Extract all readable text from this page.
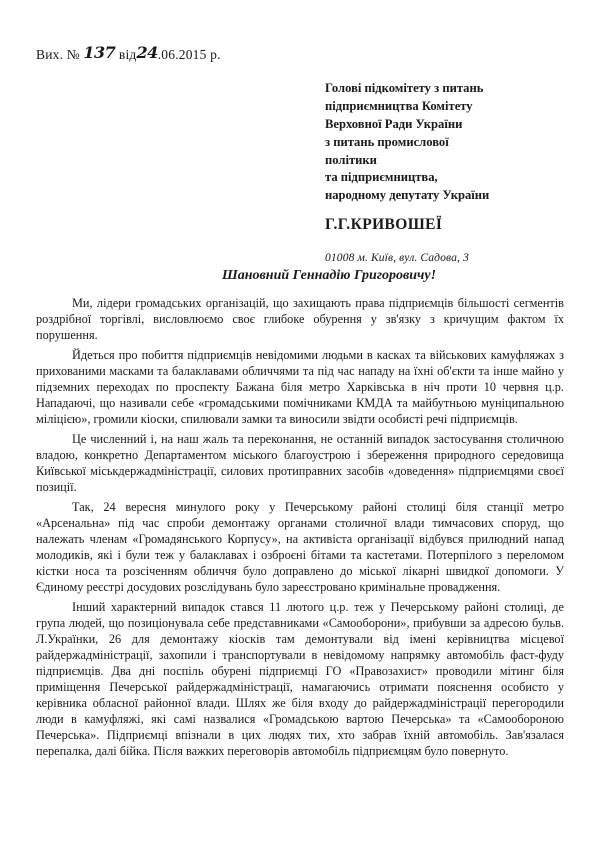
Вих. № 137 від24.06.2015 р.
Голові підкомітету з питань
підприємництва Комітету
Верховної Ради України
з питань промислової
політики
та підприємництва,
народному депутату України
Г.Г.КРИВОШЕЇ
01008 м. Київ, вул. Садова, 3
Шановний Геннадію Григоровичу!

Ми, лідери громадських організацій, що захищають права підприємців більшості сегментів роздрібної торгівлі, висловлюємо своє глибоке обурення у зв'язку з кричущим фактом їх порушення.

Йдеться про побиття підприємців невідомими людьми в касках та військових камуфляжах з прихованими масками та балаклавами обличчями та під час нападу на їхні об'єкти та інше майно у підземних переходах по проспекту Бажана біля метро Харківська в ніч проти 10 червня ц.р. Нападаючі, що називали себе «громадськими помічниками КМДА та майбутньою муніципальною міліцією», громили кіоски, спилювали замки та виносили звідти особисті речі підприємців.

Це численний і, на наш жаль та переконання, не останній випадок застосування столичною владою, конкретно Департаментом міського благоустрою і збереження природного середовища Київської міськдержадміністрації, силових протиправних засобів «доведення» підприємцями своєї позиції.

Так, 24 вересня минулого року у Печерському районі столиці біля станції метро «Арсенальна» під час спроби демонтажу органами столичної влади тимчасових споруд, що належать членам «Громадянського Корпусу», на активіста організації відбувся прилюдний напад молодиків, які і були теж у балаклавах і озброєні бітами та кастетами. Потерпілого з переломом кістки носа та розсіченням обличчя було доправлено до міської лікарні швидкої допомоги. У Єдиному реєстрі досудових розслідувань було зареєстровано кримінальне провадження.

Інший характерний випадок стався 11 лютого ц.р. теж у Печерському районі столиці, де група людей, що позиціонувала себе представниками «Самооборони», прибувши за адресою бульв. Л.Українки, 26 для демонтажу кіосків там демонтували від імені керівництва місцевої райдержадміністрації, захопили і транспортували в невідомому напрямку автомобіль фаст-фуду підприємців. Два дні поспіль обурені підприємці ГО «Правозахист» проводили мітинг біля приміщення Печерської райдержадміністрації, намагаючись отримати пояснення особисто у керівника обласної районної влади. Шлях же біля входу до райдержадміністрації перегородили люди в камуфляжі, які самі назвалися «Громадською вартою Печерська» та «Самообороною Печерська». Підприємці впізнали в цих людях тих, хто забрав їхній автомобіль. Зав'язалася перепалка, далі бійка. Після важких переговорів автомобіль підприємцям було повернуто.
